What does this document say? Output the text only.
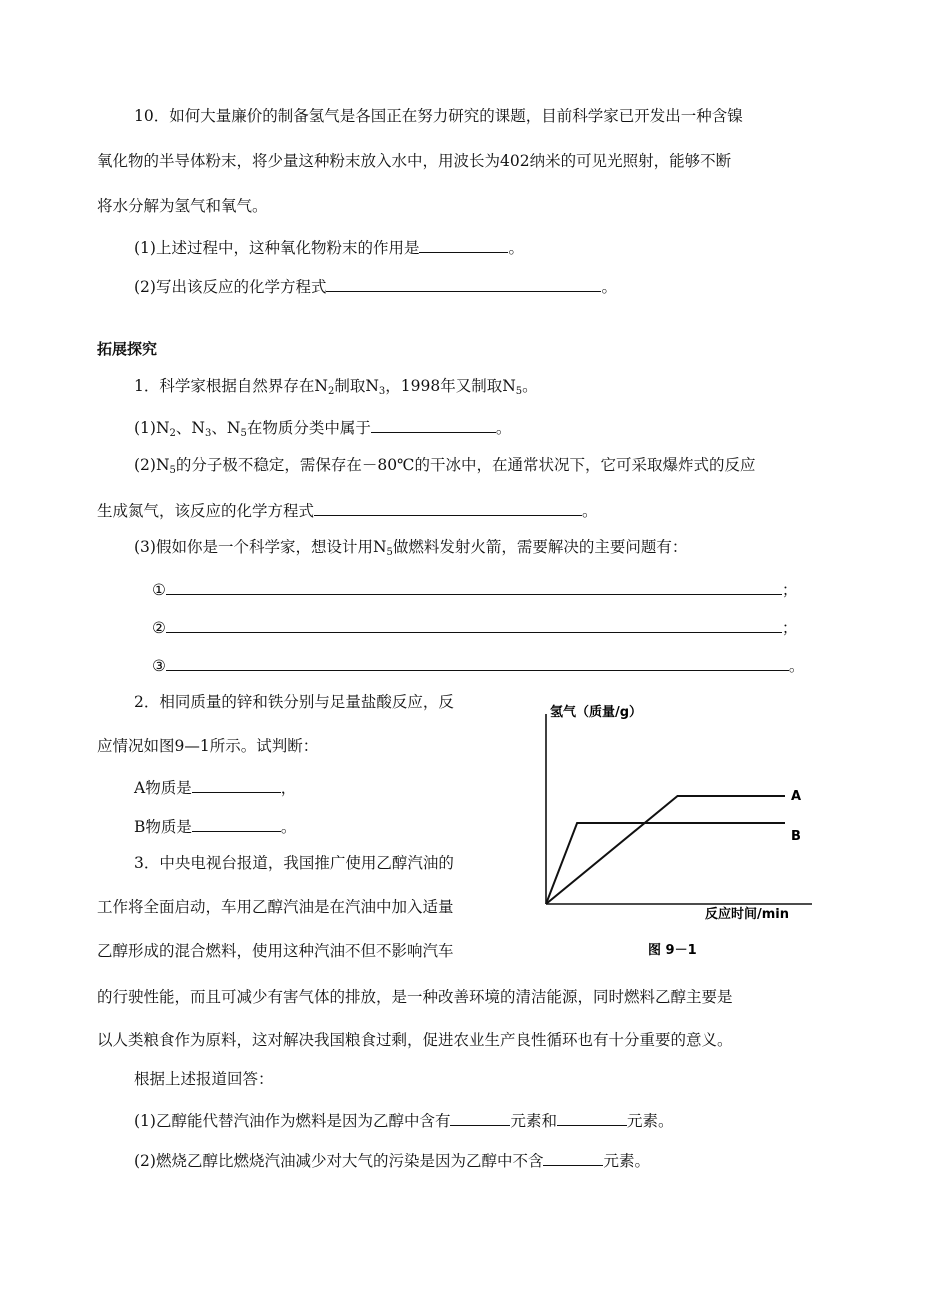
10．如何大量廉价的制备氢气是各国正在努力研究的课题，目前科学家已开发出一种含镍
氧化物的半导体粉末，将少量这种粉末放入水中，用波长为402纳米的可见光照射，能够不断
将水分解为氢气和氧气。
(1)上述过程中，这种氧化物粉末的作用是	。
(2)写出该反应的化学方程式	。
拓展探究
1．科学家根据自然界存在$N_2$制取$N_3$，1998年又制取$N_5$。
$(1)N_2$、$N_3$、$N_5$在物质分类中属于	。
$(2)N_5$的分子极不稳定，需保存在－80℃的干冰中，在通常状况下，它可采取爆炸式的反应
生成氮气，该反应的化学方程式	。
(3)假如你是一个科学家，想设计用$N_5$做燃料发射火箭，需要解决的主要问题有：
①	；
②	；
③	。
2．相同质量的锌和铁分别与足量盐酸反应，反
应情况如图9—1所示。试判断：
A物质是	，
B物质是	。
3．中央电视台报道，我国推广使用乙醇汽油的
工作将全面启动，车用乙醇汽油是在汽油中加入适量
乙醇形成的混合燃料，使用这种汽油不但不影响汽车
的行驶性能，而且可减少有害气体的排放，是一种改善环境的清洁能源，同时燃料乙醇主要是
以人类粮食作为原料，这对解决我国粮食过剩，促进农业生产良性循环也有十分重要的意义。
根据上述报道回答：
(1)乙醇能代替汽油作为燃料是因为乙醇中含有	元素和	元素。
(2)燃烧乙醇比燃烧汽油减少对大气的污染是因为乙醇中不含	元素。
氢气（质量/g）
反应时间/min
A
B
图 9－1
